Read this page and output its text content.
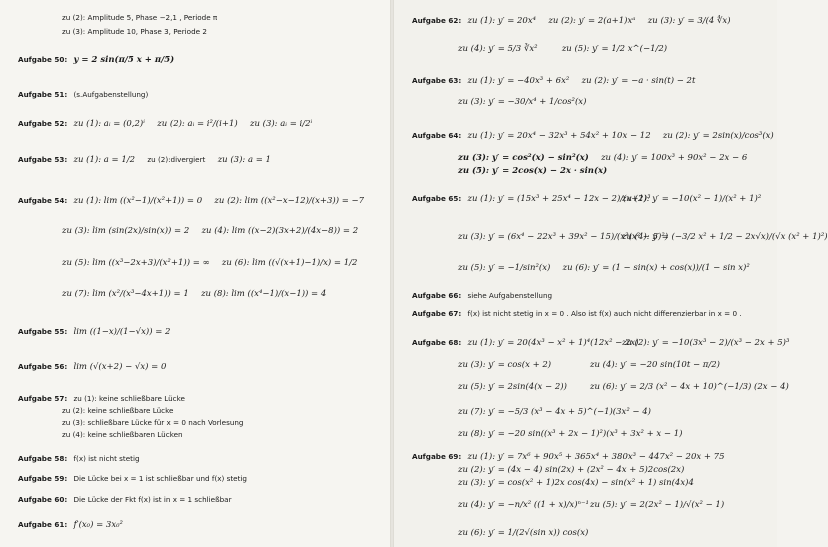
zu (2): Amplitude 5, Phase −2,1 , Periode π
zu (3): Amplitude 10, Phase 3, Periode 2
Aufgabe 50: y = 2 sin(π/5 x + π/5)
Aufgabe 51: (s.Aufgabenstellung)
Aufgabe 52: zu (1): aᵢ = (0,2)ⁱ zu (2): aᵢ = i²/(i+1) zu (3): aᵢ = i/2ⁱ
Aufgabe 53: zu (1): a = 1/2 zu (2):divergiert zu (3): a = 1
Aufgabe 54: zu (1): lim ((x²−1)/(x²+1)) = 0 zu (2): lim ((x²−x−12)/(x+3)) = −7
zu (3): lim (sin(2x)/sin(x)) = 2 zu (4): lim ((x−2)(3x+2)/(4x−8)) = 2
zu (5): lim ((x³−2x+3)/(x²+1)) = ∞ zu (6): lim ((√(x+1)−1)/x) = 1/2
zu (7): lim (x²/(x³−4x+1)) = 1 zu (8): lim ((x⁴−1)/(x−1)) = 4
Aufgabe 55: lim ((1−x)/(1−√x)) = 2
Aufgabe 56: lim (√(x+2) − √x) = 0
Aufgabe 57: zu (1): keine schließbare Lücke
zu (2): keine schließbare Lücke
zu (3): schließbare Lücke für x = 0 nach Vorlesung
zu (4): keine schließbaren Lücken
Aufgabe 58: f(x) ist nicht stetig
Aufgabe 59: Die Lücke bei x = 1 ist schließbar und f(x) stetig
Aufgabe 60: Die Lücke der Fkt f(x) ist in x = 1 schließbar
Aufgabe 61: f′(x₀) = 3x₀²
Aufgabe 62: zu (1): y′ = 20x⁴ zu (2): y′ = 2(a+1)xᵃ zu (3): y′ = 3/(4 ∜x)
zu (4): y′ = 5/3 ∛x²	zu (5): y′ = 1/2 x^(−1/2)
Aufgabe 63: zu (1): y′ = −40x³ + 6x² zu (2): y′ = −a · sin(t) − 2t
zu (3): y′ = −30/x⁴ + 1/cos²(x)
Aufgabe 64: zu (1): y′ = 20x⁴ − 32x³ + 54x² + 10x − 12 zu (2): y′ = 2sin(x)/cos³(x)
zu (3): y′ = cos²(x) − sin²(x) zu (4): y′ = 100x³ + 90x² − 2x − 6
zu (5): y′ = 2cos(x) − 2x · sin(x)
Aufgabe 65: zu (1): y′ = (15x³ + 25x⁴ − 12x − 2)/(x+1)³
zu (2): y′ = −10(x² − 1)/(x² + 1)²
zu (3): y′ = (6x⁴ − 22x³ + 39x² − 15)/(x²(x² − 5)²)
zu (4): y′ = (−3/2 x² + 1/2 − 2x√x)/(√x (x² + 1)²)
zu (5): y′ = −1/sin²(x) zu (6): y′ = (1 − sin(x) + cos(x))/(1 − sin x)²
Aufgabe 66: siehe Aufgabenstellung
Aufgabe 67: f(x) ist nicht stetig in x = 0 . Also ist f(x) auch nicht differenzierbar in x = 0 .
Aufgabe 68: zu (1): y′ = 20(4x³ − x² + 1)⁴(12x² − 2x)
zu (2): y′ = −10(3x³ − 2)/(x³ − 2x + 5)³
zu (3): y′ = cos(x + 2)	zu (4): y′ = −20 sin(10t − π/2)
zu (5): y′ = 2sin(4(x − 2))	zu (6): y′ = 2/3 (x² − 4x + 10)^(−1/3) (2x − 4)
zu (7): y′ = −5/3 (x³ − 4x + 5)^(−1)(3x² − 4)
zu (8): y′ = −20 sin((x³ + 2x − 1)²)(x³ + 3x² + x − 1)
Aufgabe 69: zu (1): y′ = 7x⁶ + 90x⁵ + 365x⁴ + 380x³ − 447x² − 20x + 75
zu (2): y′ = (4x − 4) sin(2x) + (2x² − 4x + 5)2cos(2x)
zu (3): y′ = cos(x² + 1)2x cos(4x) − sin(x² + 1) sin(4x)4
zu (4): y′ = −n/x² ((1 + x)/x)ⁿ⁻¹ zu (5): y′ = 2(2x² − 1)/√(x² − 1)
zu (6): y′ = 1/(2√(sin x)) cos(x)
